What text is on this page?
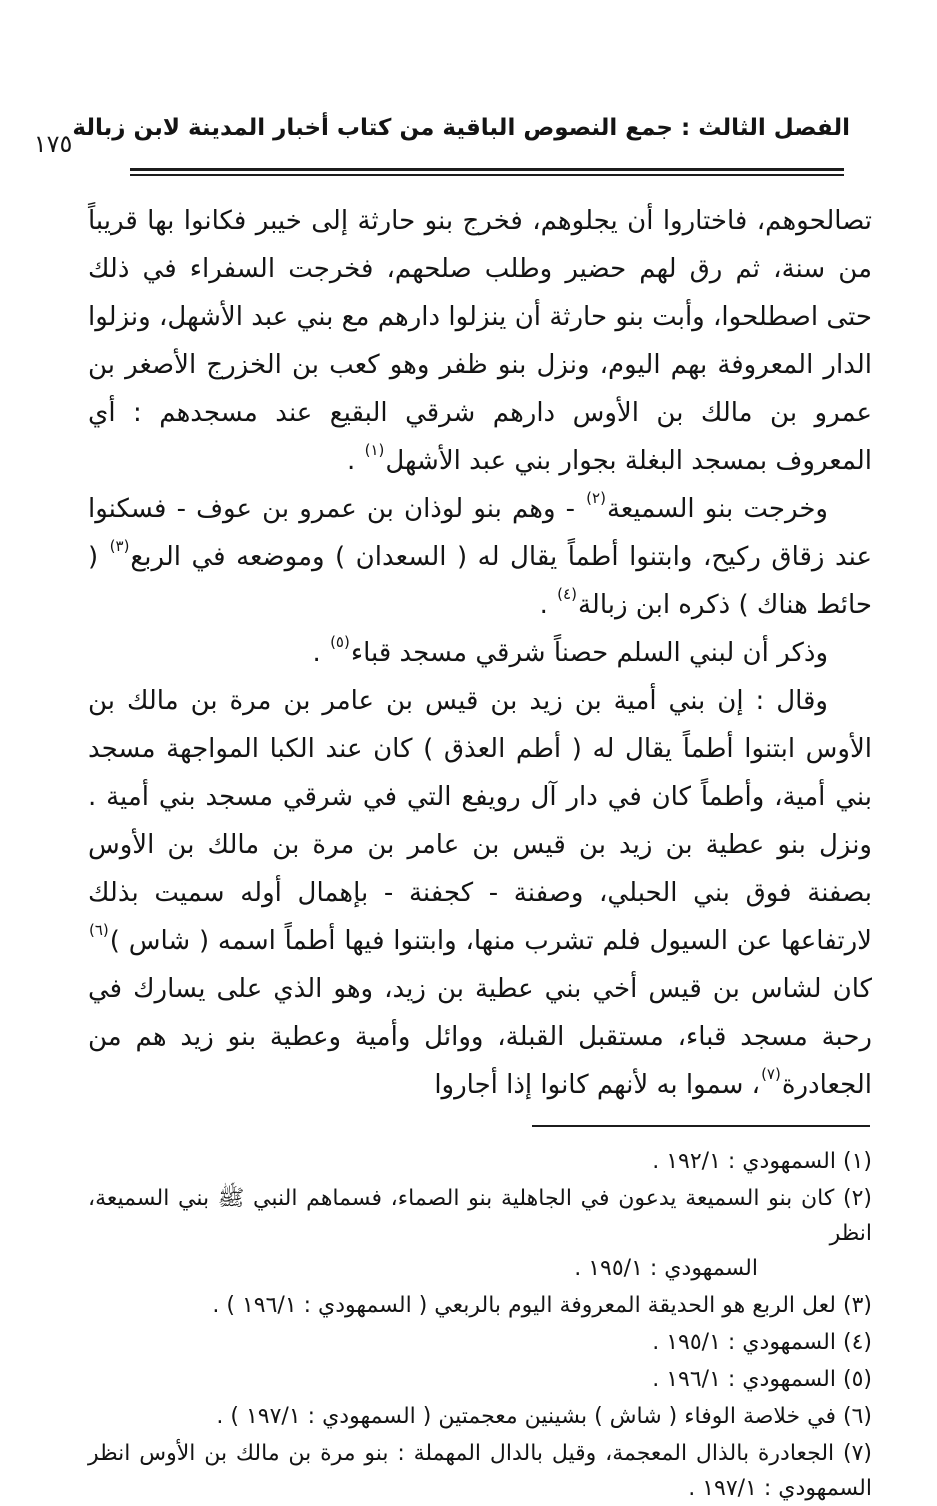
الفصل الثالث : جمع النصوص الباقية من كتاب أخبار المدينة لابن زبالة
١٧٥

تصالحوهم، فاختاروا أن يجلوهم، فخرج بنو حارثة إلى خيبر فكانوا بها قريباً من سنة، ثم رق لهم حضير وطلب صلحهم، فخرجت السفراء في ذلك حتى اصطلحوا، وأبت بنو حارثة أن ينزلوا دارهم مع بني عبد الأشهل، ونزلوا الدار المعروفة بهم اليوم، ونزل بنو ظفر وهو كعب بن الخزرج الأصغر بن عمرو بن مالك بن الأوس دارهم شرقي البقيع عند مسجدهم : أي المعروف بمسجد البغلة بجوار بني عبد الأشهل$^{(١)}$ .

وخرجت بنو السميعة$^{(٢)}$ - وهم بنو لوذان بن عمرو بن عوف - فسكنوا عند زقاق ركيح، وابتنوا أطماً يقال له ( السعدان ) وموضعه في الربع$^{(٣)}$ ( حائط هناك ) ذكره ابن زبالة$^{(٤)}$ .

وذكر أن لبني السلم حصناً شرقي مسجد قباء$^{(٥)}$ .

وقال : إن بني أمية بن زيد بن قيس بن عامر بن مرة بن مالك بن الأوس ابتنوا أطماً يقال له ( أطم العذق ) كان عند الكبا المواجهة مسجد بني أمية، وأطماً كان في دار آل رويفع التي في شرقي مسجد بني أمية . ونزل بنو عطية بن زيد بن قيس بن عامر بن مرة بن مالك بن الأوس بصفنة فوق بني الحبلي، وصفنة - كجفنة - بإهمال أوله سميت بذلك لارتفاعها عن السيول فلم تشرب منها، وابتنوا فيها أطماً اسمه ( شاس )$^{(٦)}$ كان لشاس بن قيس أخي بني عطية بن زيد، وهو الذي على يسارك في رحبة مسجد قباء، مستقبل القبلة، ووائل وأمية وعطية بنو زيد هم من الجعادرة$^{(٧)}$، سموا به لأنهم كانوا إذا أجاروا

(١) السمهودي : ١٩٢/١ .
(٢) كان بنو السميعة يدعون في الجاهلية بنو الصماء، فسماهم النبي ﷺ بني السميعة، انظر
السمهودي : ١٩٥/١ .
(٣) لعل الربع هو الحديقة المعروفة اليوم بالربعي ( السمهودي : ١٩٦/١ ) .
(٤) السمهودي : ١٩٥/١ .
(٥) السمهودي : ١٩٦/١ .
(٦) في خلاصة الوفاء ( شاش ) بشينين معجمتين ( السمهودي : ١٩٧/١ ) .
(٧) الجعادرة بالذال المعجمة، وقيل بالدال المهملة : بنو مرة بن مالك بن الأوس انظر السمهودي : ١٩٧/١ .
